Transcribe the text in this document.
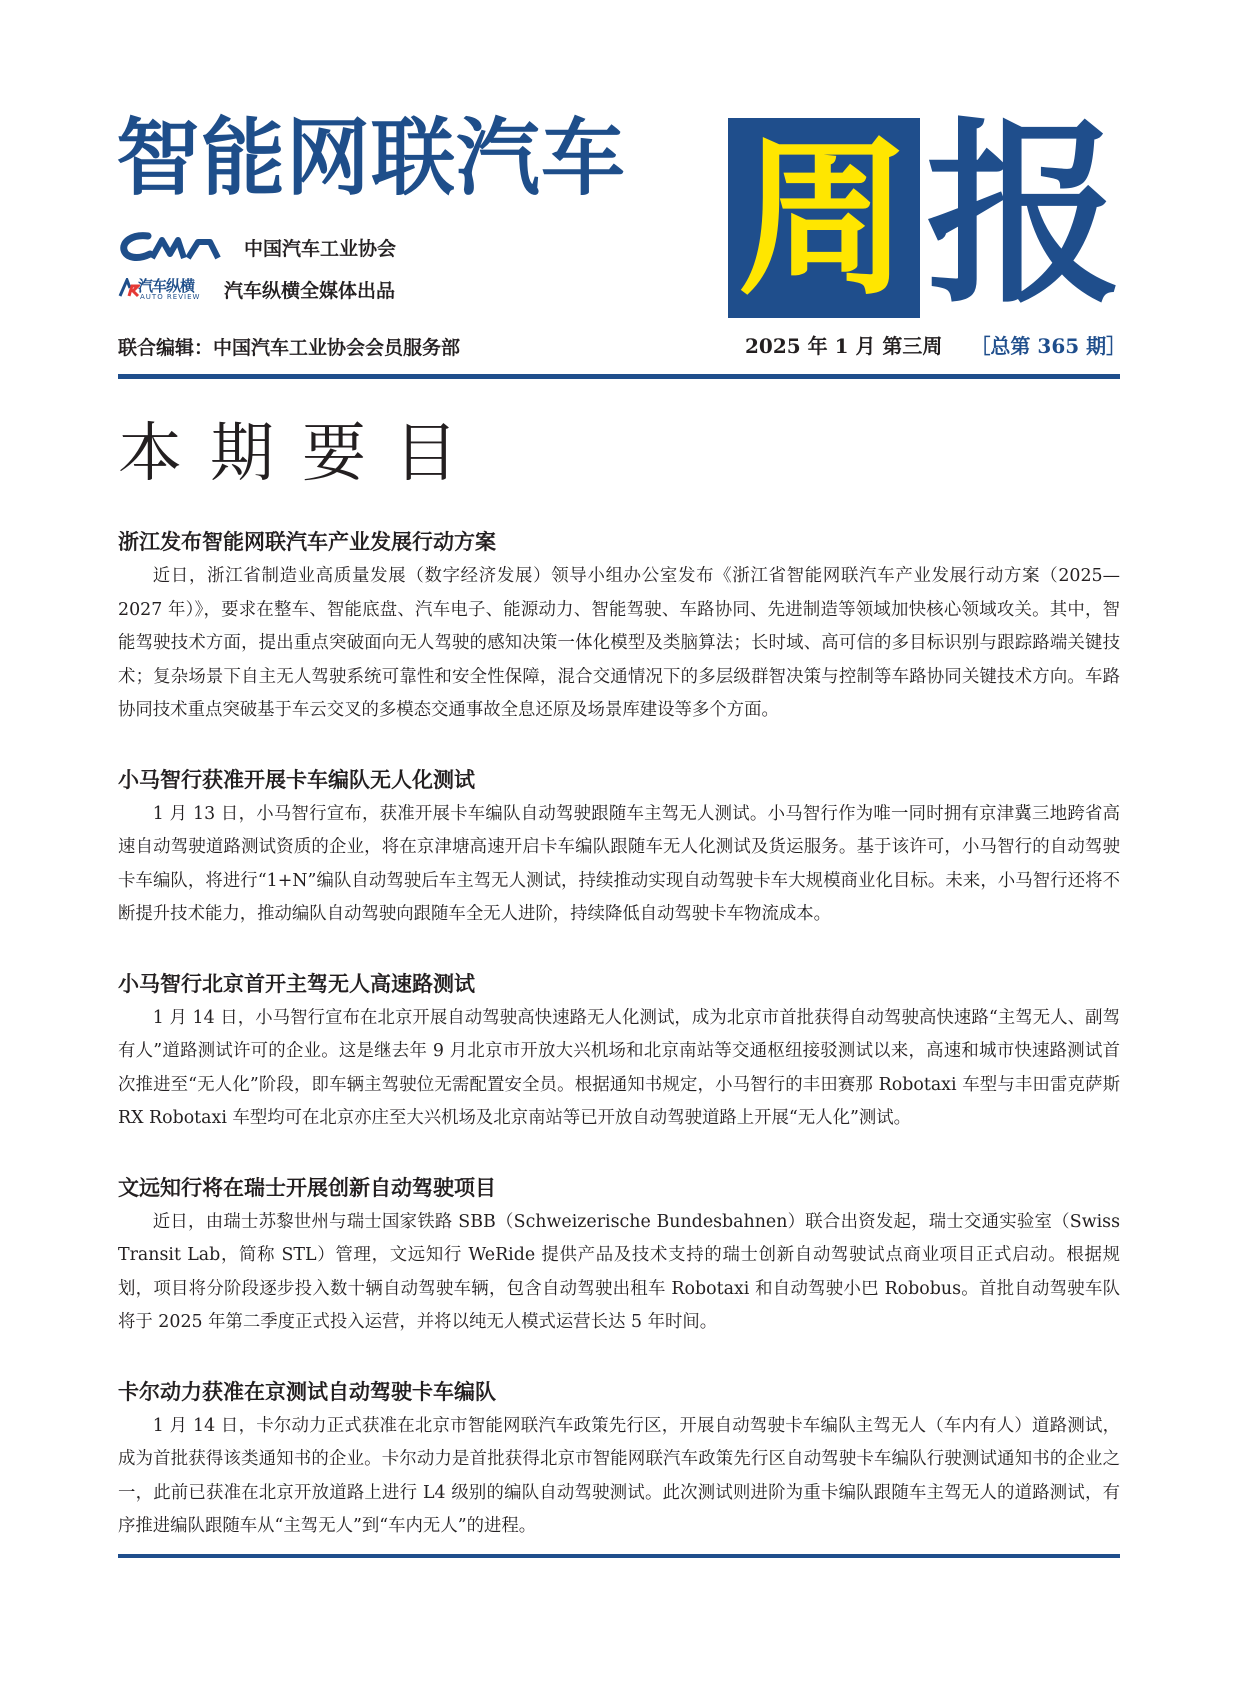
智能网联汽车 周 报
中国汽车工业协会
汽车纵横
AUTO REVIEW 汽车纵横全媒体出品
联合编辑：中国汽车工业协会会员服务部	2025 年 1 月 第三周 ［总第 365 期］
本期要目
浙江发布智能网联汽车产业发展行动方案

近日，浙江省制造业高质量发展（数字经济发展）领导小组办公室发布《浙江省智能网联汽车产业发展行动方案（2025—2027 年）》，要求在整车、智能底盘、汽车电子、能源动力、智能驾驶、车路协同、先进制造等领域加快核心领域攻关。其中，智能驾驶技术方面，提出重点突破面向无人驾驶的感知决策一体化模型及类脑算法；长时域、高可信的多目标识别与跟踪路端关键技术；复杂场景下自主无人驾驶系统可靠性和安全性保障，混合交通情况下的多层级群智决策与控制等车路协同关键技术方向。车路协同技术重点突破基于车云交叉的多模态交通事故全息还原及场景库建设等多个方面。

小马智行获准开展卡车编队无人化测试

1 月 13 日，小马智行宣布，获准开展卡车编队自动驾驶跟随车主驾无人测试。小马智行作为唯一同时拥有京津冀三地跨省高速自动驾驶道路测试资质的企业，将在京津塘高速开启卡车编队跟随车无人化测试及货运服务。基于该许可，小马智行的自动驾驶卡车编队，将进行“1+N”编队自动驾驶后车主驾无人测试，持续推动实现自动驾驶卡车大规模商业化目标。未来，小马智行还将不断提升技术能力，推动编队自动驾驶向跟随车全无人进阶，持续降低自动驾驶卡车物流成本。

小马智行北京首开主驾无人高速路测试

1 月 14 日，小马智行宣布在北京开展自动驾驶高快速路无人化测试，成为北京市首批获得自动驾驶高快速路“主驾无人、副驾有人”道路测试许可的企业。这是继去年 9 月北京市开放大兴机场和北京南站等交通枢纽接驳测试以来，高速和城市快速路测试首次推进至“无人化”阶段，即车辆主驾驶位无需配置安全员。根据通知书规定，小马智行的丰田赛那 Robotaxi 车型与丰田雷克萨斯 RX Robotaxi 车型均可在北京亦庄至大兴机场及北京南站等已开放自动驾驶道路上开展“无人化”测试。

文远知行将在瑞士开展创新自动驾驶项目

近日，由瑞士苏黎世州与瑞士国家铁路 SBB（Schweizerische Bundesbahnen）联合出资发起，瑞士交通实验室（Swiss Transit Lab，简称 STL）管理，文远知行 WeRide 提供产品及技术支持的瑞士创新自动驾驶试点商业项目正式启动。根据规划，项目将分阶段逐步投入数十辆自动驾驶车辆，包含自动驾驶出租车 Robotaxi 和自动驾驶小巴 Robobus。首批自动驾驶车队将于 2025 年第二季度正式投入运营，并将以纯无人模式运营长达 5 年时间。

卡尔动力获准在京测试自动驾驶卡车编队

1 月 14 日，卡尔动力正式获准在北京市智能网联汽车政策先行区，开展自动驾驶卡车编队主驾无人（车内有人）道路测试，成为首批获得该类通知书的企业。卡尔动力是首批获得北京市智能网联汽车政策先行区自动驾驶卡车编队行驶测试通知书的企业之一，此前已获准在北京开放道路上进行 L4 级别的编队自动驾驶测试。此次测试则进阶为重卡编队跟随车主驾无人的道路测试，有序推进编队跟随车从“主驾无人”到“车内无人”的进程。
